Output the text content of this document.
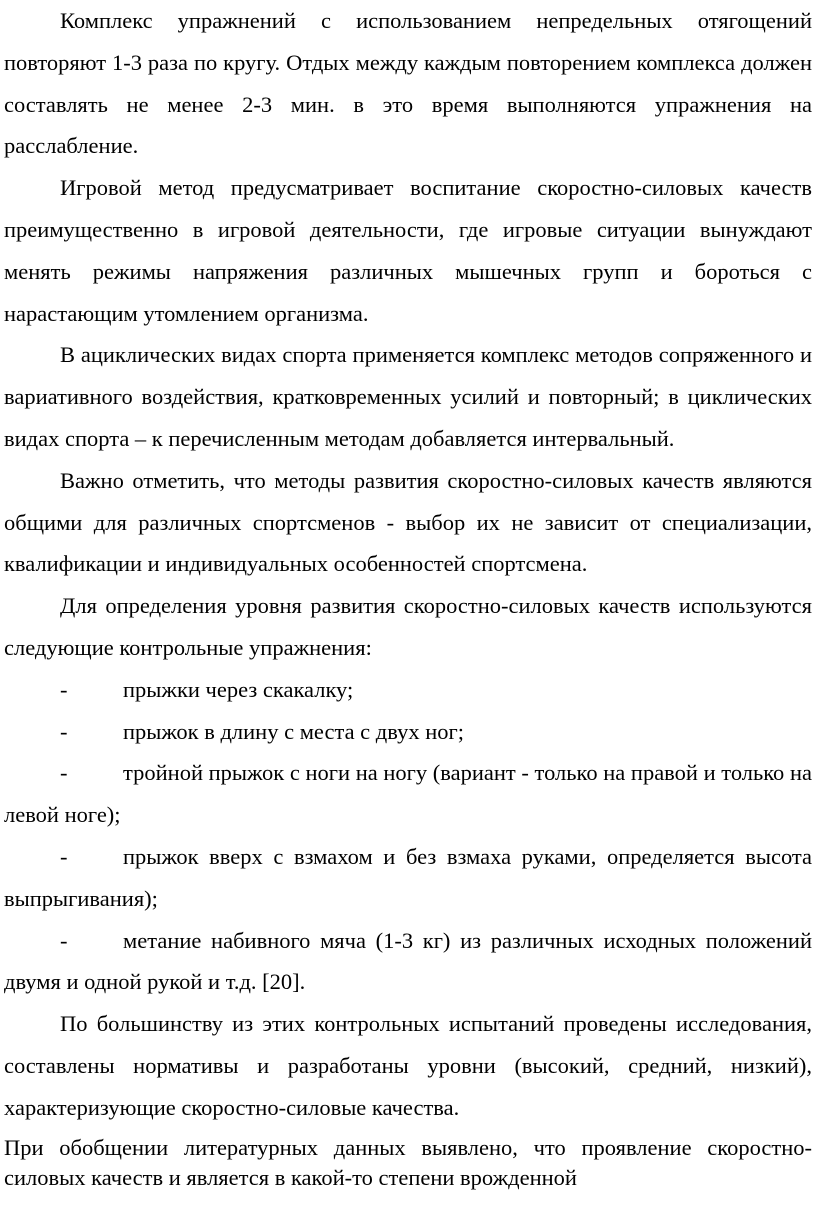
Комплекс упражнений с использованием непредельных отягощений повторяют 1-3 раза по кругу. Отдых между каждым повторением комплекса должен составлять не менее 2-3 мин. в это время выполняются упражнения на расслабление.

Игровой метод предусматривает воспитание скоростно-силовых качеств преимущественно в игровой деятельности, где игровые ситуации вынуждают менять режимы напряжения различных мышечных групп и бороться с нарастающим утомлением организма.

В ациклических видах спорта применяется комплекс методов сопряженного и вариативного воздействия, кратковременных усилий и повторный; в циклических видах спорта – к перечисленным методам добавляется интервальный.

Важно отметить, что методы развития скоростно-силовых качеств являются общими для различных спортсменов - выбор их не зависит от специализации, квалификации и индивидуальных особенностей спортсмена.

Для определения уровня развития скоростно-силовых качеств используются следующие контрольные упражнения:

- прыжки через скакалку;

- прыжок в длину с места с двух ног;

- тройной прыжок с ноги на ногу (вариант - только на правой и только на левой ноге);

- прыжок вверх с взмахом и без взмаха руками, определяется высота выпрыгивания);

- метание набивного мяча (1-3 кг) из различных исходных положений двумя и одной рукой и т.д. [20].

По большинству из этих контрольных испытаний проведены исследования, составлены нормативы и разработаны уровни (высокий, средний, низкий), характеризующие скоростно-силовые качества.

При обобщении литературных данных выявлено, что проявление скоростно-силовых качеств и является в какой-то степени врожденной
